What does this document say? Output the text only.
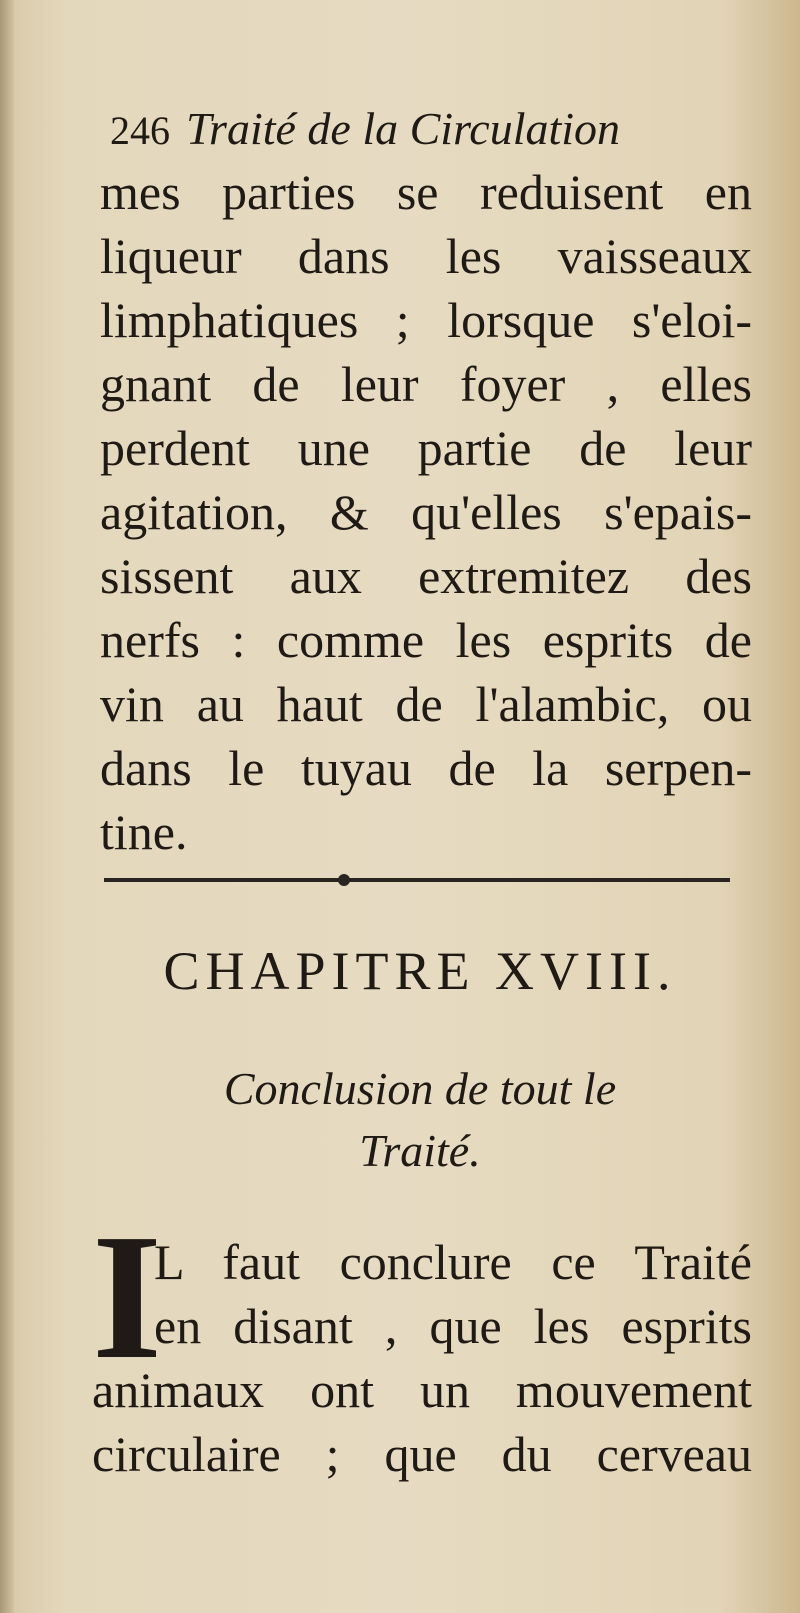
246 Traité de la Circulation
mes parties se reduisent en
liqueur dans les vaisseaux
limphatiques ; lorsque s'eloi-
gnant de leur foyer , elles
perdent une partie de leur
agitation, & qu'elles s'epais-
sissent aux extremitez des
nerfs : comme les esprits de
vin au haut de l'alambic, ou
dans le tuyau de la serpen-
tine.
CHAPITRE XVIII.
Conclusion de tout le
Traité.
I
L faut conclure ce Traité
en disant , que les esprits
animaux ont un mouvement
circulaire ; que du cerveau
